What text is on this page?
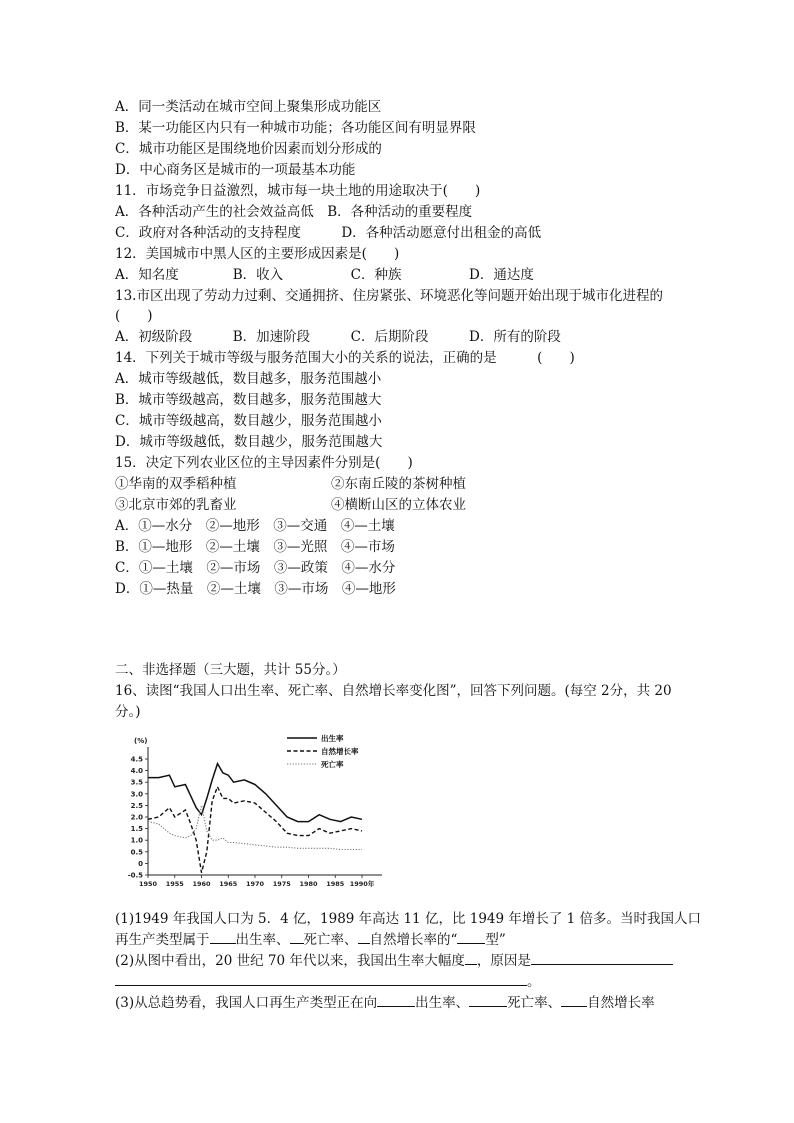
A．同一类活动在城市空间上聚集形成功能区
B．某一功能区内只有一种城市功能；各功能区间有明显界限
C．城市功能区是围绕地价因素而划分形成的
D．中心商务区是城市的一项最基本功能
11．市场竞争日益激烈，城市每一块土地的用途取决于(　　)
A．各种活动产生的社会效益高低　B．各种活动的重要程度
C．政府对各种活动的支持程度　　　D．各种活动愿意付出租金的高低
12．美国城市中黑人区的主要形成因素是(　　)
A．知名度　　　　B．收入　　　　　C．种族　　　　　D．通达度
13.市区出现了劳动力过剩、交通拥挤、住房紧张、环境恶化等问题开始出现于城市化进程的
(　　)
A．初级阶段　　　B．加速阶段　　　C．后期阶段　　　D．所有的阶段
14．下列关于城市等级与服务范围大小的关系的说法，正确的是　　　(　　)
A．城市等级越低，数目越多，服务范围越小
B．城市等级越高，数目越多，服务范围越大
C．城市等级越高，数目越少，服务范围越小
D．城市等级越低，数目越少，服务范围越大
15．决定下列农业区位的主导因素件分别是(　　)
①华南的双季稻种植　　　　　　　②东南丘陵的茶树种植
③北京市郊的乳畜业　　　　　　　④横断山区的立体农业
A．①—水分　②—地形　③—交通　④—土壤
B．①—地形　②—土壤　③—光照　④—市场
C．①—土壤　②—市场　③—政策　④—水分
D．①—热量　②—土壤　③—市场　④—地形
二、非选择题（三大题，共计 55分。）
16、读图“我国人口出生率、死亡率、自然增长率变化图”，回答下列问题。(每空 2分，共 20
分。)
(%)
4.5
4.0
3.5
3.0
2.5
2.0
1.5
1.0
0.5
0
-0.5
1950 1955 1960 1965 1970 1975 1980 1985 1990年
出生率
自然增长率
死亡率
(1)1949 年我国人口为 5．4 亿，1989 年高达 11 亿，比 1949 年增长了 1 倍多。当时我国人口
再生产类型属于 出生率、 死亡率、 自然增长率的“ 型”
(2)从图中看出，20 世纪 70 年代以来，我国出生率大幅度 ，原因是
。
(3)从总趋势看，我国人口再生产类型正在向	出生率、	死亡率、 自然增长率
